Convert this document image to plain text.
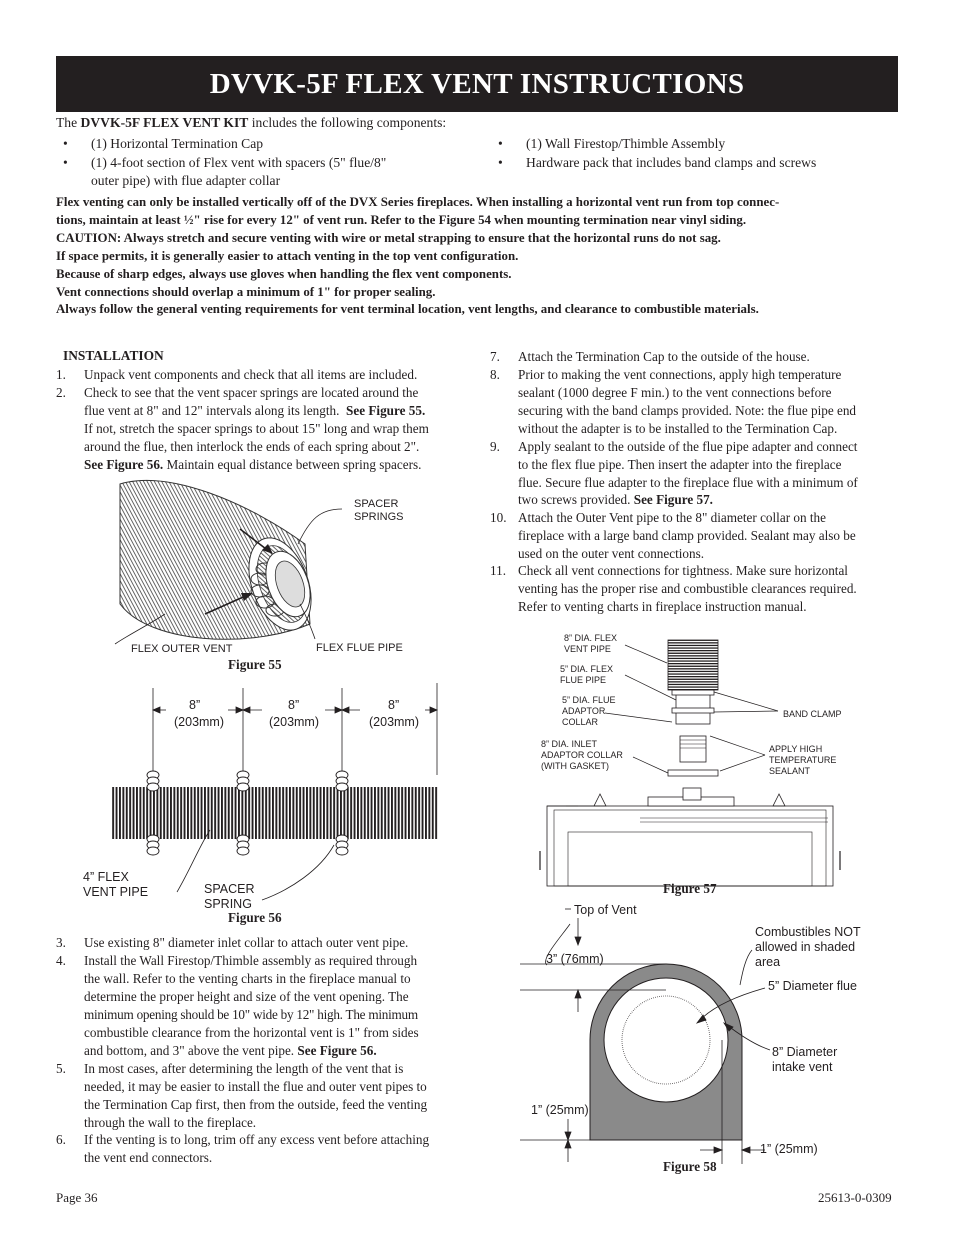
DVVK-5F FLEX VENT INSTRUCTIONS
The DVVK-5F FLEX VENT KIT includes the following components:
• (1) Horizontal Termination Cap
• (1) 4-foot section of Flex vent with spacers (5" flue/8"
outer pipe) with flue adapter collar
• (1) Wall Firestop/Thimble Assembly
• Hardware pack that includes band clamps and screws
Flex venting can only be installed vertically off of the DVX Series fireplaces. When installing a horizontal vent run from top connec-
tions, maintain at least ½" rise for every 12" of vent run. Refer to the Figure 54 when mounting termination near vinyl siding.
CAUTION: Always stretch and secure venting with wire or metal strapping to ensure that the horizontal runs do not sag.
If space permits, it is generally easier to attach venting in the top vent configuration.
Because of sharp edges, always use gloves when handling the flex vent components.
Vent connections should overlap a minimum of 1" for proper sealing.
Always follow the general venting requirements for vent terminal location, vent lengths, and clearance to combustible materials.
INSTALLATION
1. Unpack vent components and check that all items are included.
2. Check to see that the vent spacer springs are located around the
flue vent at 8" and 12" intervals along its length. See Figure 55.
If not, stretch the spacer springs to about 15" long and wrap them
around the flue, then interlock the ends of each spring about 2".
See Figure 56. Maintain equal distance between spring spacers.
SPACER
SPRINGS
FLEX OUTER VENT	FLEX FLUE PIPE
Figure 55
8”
(203mm)
8”
(203mm)
8”
(203mm)
4” FLEX
VENT PIPE	SPACER
SPRING
Figure 56
3. Use existing 8" diameter inlet collar to attach outer vent pipe.
4. Install the Wall Firestop/Thimble assembly as required through
the wall. Refer to the venting charts in the fireplace manual to
determine the proper height and size of the vent opening. The
minimum opening should be 10" wide by 12" high. The minimum
combustible clearance from the horizontal vent is 1" from sides
and bottom, and 3" above the vent pipe. See Figure 56.
5. In most cases, after determining the length of the vent that is
needed, it may be easier to install the flue and outer vent pipes to
the Termination Cap first, then from the outside, feed the venting
through the wall to the fireplace.
6. If the venting is to long, trim off any excess vent before attaching
the vent end connectors.
7. Attach the Termination Cap to the outside of the house.
8. Prior to making the vent connections, apply high temperature
sealant (1000 degree F min.) to the vent connections before
securing with the band clamps provided. Note: the flue pipe end
without the adapter is to be installed to the Termination Cap.
9. Apply sealant to the outside of the flue pipe adapter and connect
to the flex flue pipe. Then insert the adapter into the fireplace
flue. Secure flue adapter to the fireplace flue with a minimum of
two screws provided. See Figure 57.
10. Attach the Outer Vent pipe to the 8" diameter collar on the
fireplace with a large band clamp provided. Sealant may also be
used on the outer vent connections.
11. Check all vent connections for tightness. Make sure horizontal
venting has the proper rise and combustible clearances required.
Refer to venting charts in fireplace instruction manual.
8” DIA. FLEX
VENT PIPE
5” DIA. FLEX
FLUE PIPE
5” DIA. FLUE
ADAPTOR
COLLAR
8” DIA. INLET
ADAPTOR COLLAR
(WITH GASKET)
BAND CLAMP
APPLY HIGH
TEMPERATURE
SEALANT
Figure 57
Top of Vent
Combustibles NOT
allowed in shaded
area
3” (76mm)
5” Diameter flue
8” Diameter
intake vent
1” (25mm)
1” (25mm)
Figure 58
Page 36	25613-0-0309
